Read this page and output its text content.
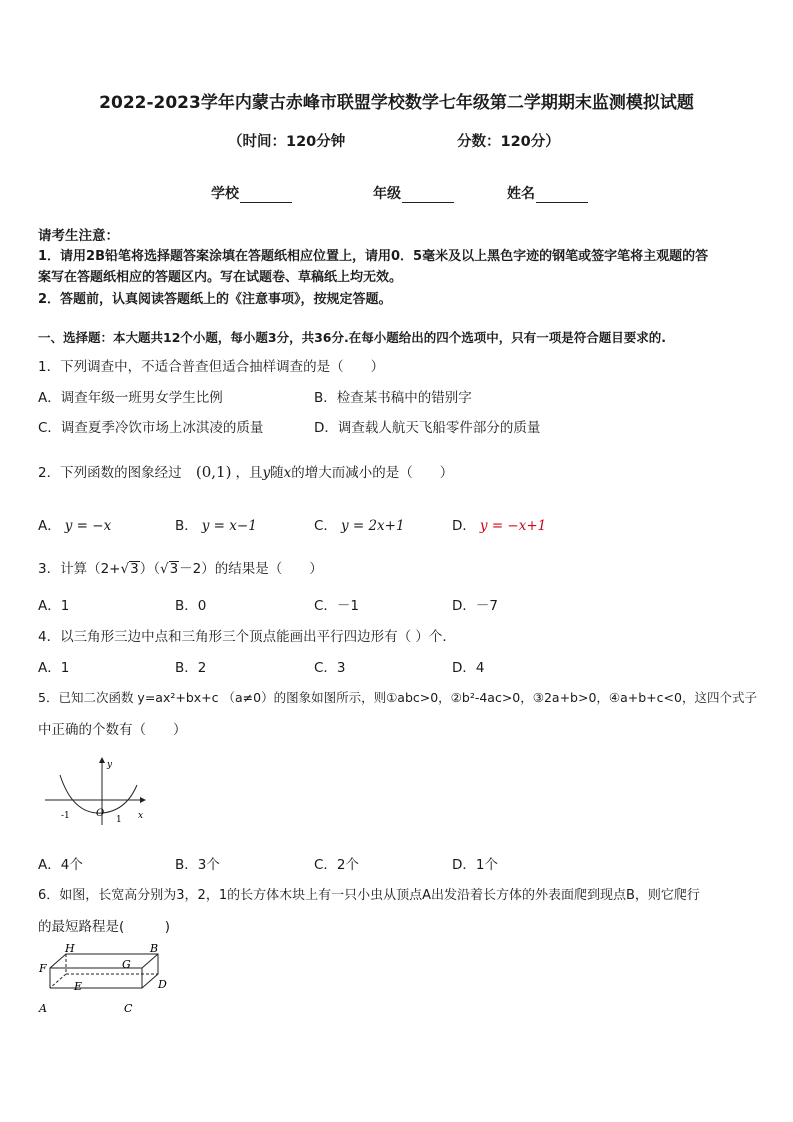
2022-2023学年内蒙古赤峰市联盟学校数学七年级第二学期期末监测模拟试题
（时间：120分钟	分数：120分）
学校	年级	姓名
请考生注意：
1．请用2B铅笔将选择题答案涂填在答题纸相应位置上，请用0．5毫米及以上黑色字迹的钢笔或签字笔将主观题的答
案写在答题纸相应的答题区内。写在试题卷、草稿纸上均无效。
2．答题前，认真阅读答题纸上的《注意事项》，按规定答题。
一、选择题：本大题共12个小题，每小题3分，共36分.在每小题给出的四个选项中，只有一项是符合题目要求的.
1．下列调查中，不适合普查但适合抽样调查的是（　　）
A．调查年级一班男女学生比例	B．检查某书稿中的错别字
C．调查夏季冷饮市场上冰淇凌的质量	D．调查载人航天飞船零件部分的质量
2．下列函数的图象经过 (0,1) ，且y随x的增大而减小的是（　　）
A． y = −x	B． y = x−1	C． y = 2x+1	D． y = −x+1
3．计算（2+√3）（√3－2）的结果是（　　）
A．1	B．0	C．－1	D．－7
4．以三角形三边中点和三角形三个顶点能画出平行四边形有（ ）个．
A．1	B．2	C．3	D．4
5．已知二次函数 y=ax²+bx+c （a≠0）的图象如图所示，则①abc>0，②b²-4ac>0，③2a+b>0，④a+b+c<0，这四个式子
中正确的个数有（　　）
y
x
O
-1	1
A．4个	B．3个	C．2个	D．1个
6．如图，长宽高分别为3，2，1的长方体木块上有一只小虫从顶点A出发沿着长方体的外表面爬到现点B，则它爬行
的最短路程是(　　　)
H	B
G
F
E	D
A	C
